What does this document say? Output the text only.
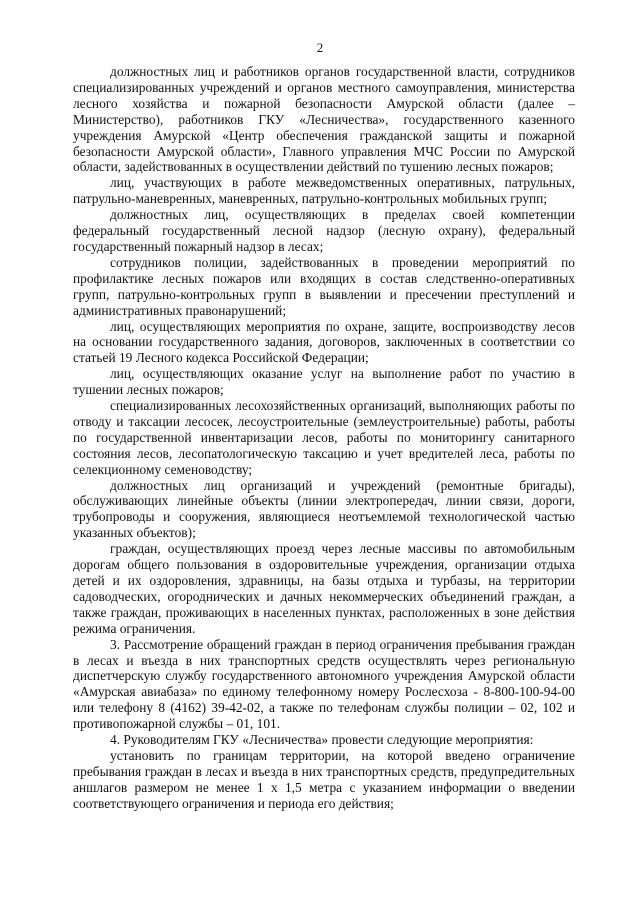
2

должностных лиц и работников органов государственной власти, сотрудников специализированных учреждений и органов местного самоуправления, министерства лесного хозяйства и пожарной безопасности Амурской области (далее – Министерство), работников ГКУ «Лесничества», государственного казенного учреждения Амурской «Центр обеспечения гражданской защиты и пожарной безопасности Амурской области», Главного управления МЧС России по Амурской области, задействованных в осуществлении действий по тушению лесных пожаров;

лиц, участвующих в работе межведомственных оперативных, патрульных, патрульно-маневренных, маневренных, патрульно-контрольных мобильных групп;

должностных лиц, осуществляющих в пределах своей компетенции федеральный государственный лесной надзор (лесную охрану), федеральный государственный пожарный надзор в лесах;

сотрудников полиции, задействованных в проведении мероприятий по профилактике лесных пожаров или входящих в состав следственно-оперативных групп, патрульно-контрольных групп в выявлении и пресечении преступлений и административных правонарушений;

лиц, осуществляющих мероприятия по охране, защите, воспроизводству лесов на основании государственного задания, договоров, заключенных в соответствии со статьей 19 Лесного кодекса Российской Федерации;

лиц, осуществляющих оказание услуг на выполнение работ по участию в тушении лесных пожаров;

специализированных лесохозяйственных организаций, выполняющих работы по отводу и таксации лесосек, лесоустроительные (землеустроительные) работы, работы по государственной инвентаризации лесов, работы по мониторингу санитарного состояния лесов, лесопатологическую таксацию и учет вредителей леса, работы по селекционному семеноводству;

должностных лиц организаций и учреждений (ремонтные бригады), обслуживающих линейные объекты (линии электропередач, линии связи, дороги, трубопроводы и сооружения, являющиеся неотъемлемой технологической частью указанных объектов);

граждан, осуществляющих проезд через лесные массивы по автомобильным дорогам общего пользования в оздоровительные учреждения, организации отдыха детей и их оздоровления, здравницы, на базы отдыха и турбазы, на территории садоводческих, огороднических и дачных некоммерческих объединений граждан, а также граждан, проживающих в населенных пунктах, расположенных в зоне действия режима ограничения.

3. Рассмотрение обращений граждан в период ограничения пребывания граждан в лесах и въезда в них транспортных средств осуществлять через региональную диспетчерскую службу государственного автономного учреждения Амурской области «Амурская авиабаза» по единому телефонному номеру Рослесхоза - 8-800-100-94-00 или телефону 8 (4162) 39-42-02, а также по телефонам службы полиции – 02, 102 и противопожарной службы – 01, 101.

4. Руководителям ГКУ «Лесничества» провести следующие мероприятия:

установить по границам территории, на которой введено ограничение пребывания граждан в лесах и въезда в них транспортных средств, предупредительных аншлагов размером не менее 1 х 1,5 метра с указанием информации о введении соответствующего ограничения и периода его действия;
